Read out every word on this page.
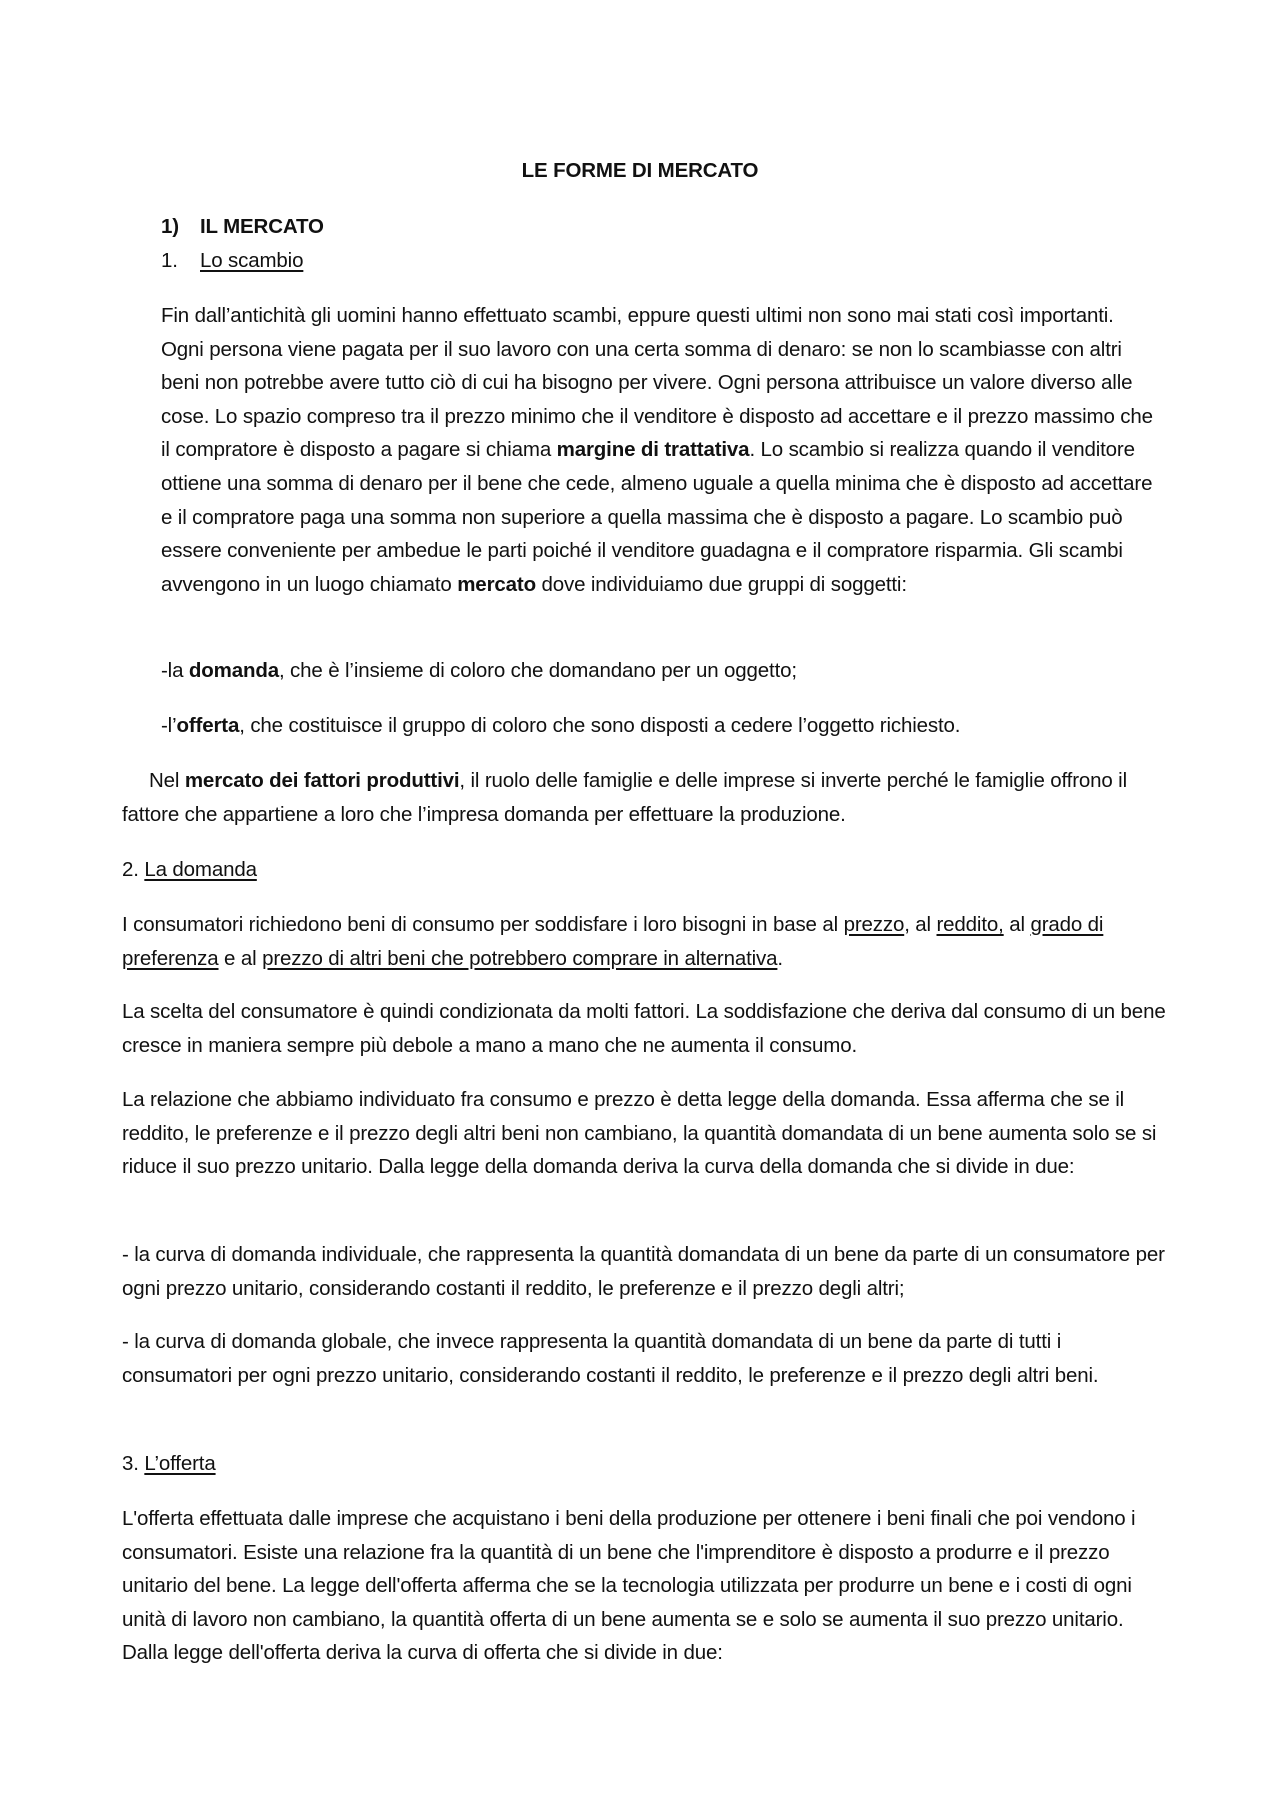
LE FORME DI MERCATO
1) IL MERCATO
1. Lo scambio

Fin dall’antichità gli uomini hanno effettuato scambi, eppure questi ultimi non sono mai stati così importanti. Ogni persona viene pagata per il suo lavoro con una certa somma di denaro: se non lo scambiasse con altri beni non potrebbe avere tutto ciò di cui ha bisogno per vivere. Ogni persona attribuisce un valore diverso alle cose. Lo spazio compreso tra il prezzo minimo che il venditore è disposto ad accettare e il prezzo massimo che il compratore è disposto a pagare si chiama margine di trattativa. Lo scambio si realizza quando il venditore ottiene una somma di denaro per il bene che cede, almeno uguale a quella minima che è disposto ad accettare e il compratore paga una somma non superiore a quella massima che è disposto a pagare. Lo scambio può essere conveniente per ambedue le parti poiché il venditore guadagna e il compratore risparmia. Gli scambi avvengono in un luogo chiamato mercato dove individuiamo due gruppi di soggetti:

-la domanda, che è l’insieme di coloro che domandano per un oggetto;

-l’offerta, che costituisce il gruppo di coloro che sono disposti a cedere l’oggetto richiesto.

Nel mercato dei fattori produttivi, il ruolo delle famiglie e delle imprese si inverte perché le famiglie offrono il fattore che appartiene a loro che l’impresa domanda per effettuare la produzione.

2. La domanda

I consumatori richiedono beni di consumo per soddisfare i loro bisogni in base al prezzo, al reddito, al grado di preferenza e al prezzo di altri beni che potrebbero comprare in alternativa.

La scelta del consumatore è quindi condizionata da molti fattori. La soddisfazione che deriva dal consumo di un bene cresce in maniera sempre più debole a mano a mano che ne aumenta il consumo.

La relazione che abbiamo individuato fra consumo e prezzo è detta legge della domanda. Essa afferma che se il reddito, le preferenze e il prezzo degli altri beni non cambiano, la quantità domandata di un bene aumenta solo se si riduce il suo prezzo unitario. Dalla legge della domanda deriva la curva della domanda che si divide in due:

- la curva di domanda individuale, che rappresenta la quantità domandata di un bene da parte di un consumatore per ogni prezzo unitario, considerando costanti il reddito, le preferenze e il prezzo degli altri;

- la curva di domanda globale, che invece rappresenta la quantità domandata di un bene da parte di tutti i consumatori per ogni prezzo unitario, considerando costanti il reddito, le preferenze e il prezzo degli altri beni.

3. L’offerta

L'offerta effettuata dalle imprese che acquistano i beni della produzione per ottenere i beni finali che poi vendono i consumatori. Esiste una relazione fra la quantità di un bene che l'imprenditore è disposto a produrre e il prezzo unitario del bene. La legge dell'offerta afferma che se la tecnologia utilizzata per produrre un bene e i costi di ogni unità di lavoro non cambiano, la quantità offerta di un bene aumenta se e solo se aumenta il suo prezzo unitario. Dalla legge dell'offerta deriva la curva di offerta che si divide in due:
